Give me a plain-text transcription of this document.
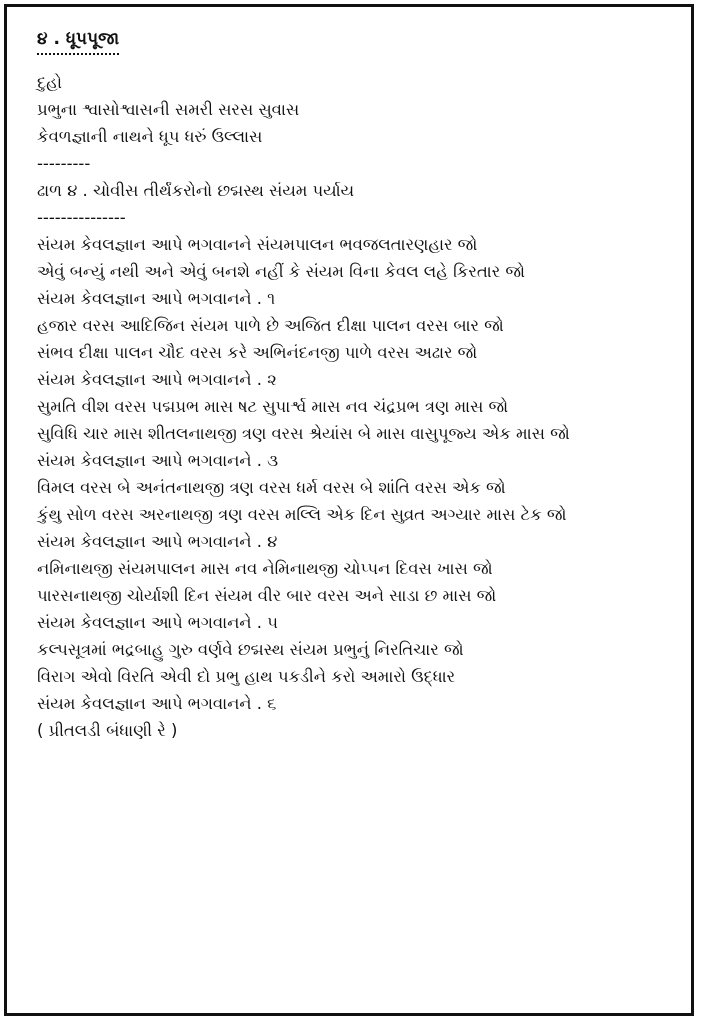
૪ . ધૂપપૂજા
દુહો
પ્રભુના શ્વાસોશ્વાસની સમરી સરસ સુવાસ
કેવળજ્ઞાની નાથને ધૂપ ધરું ઉલ્લાસ
---------
ઢાળ ૪ . ચોવીસ તીર્થંકરોનો છદ્મસ્થ સંયમ પર્યાય
---------------
સંયમ કેવલજ્ઞાન આપે ભગવાનને સંયમપાલન ભવજલતારણહાર જો
એવું બન્યું નથી અને એવું બનશે નહીં કે સંયમ વિના કેવલ લહે કિરતાર જો
સંયમ કેવલજ્ઞાન આપે ભગવાનને . ૧
હજાર વરસ આદિજિન સંયમ પાળે છે અજિત દીક્ષા પાલન વરસ બાર જો
સંભવ દીક્ષા પાલન ચૌદ વરસ કરે અભિનંદનજી પાળે વરસ અઢાર જો
સંયમ કેવલજ્ઞાન આપે ભગવાનને . ૨
સુમતિ વીશ વરસ પદ્મપ્રભ માસ ષટ સુપાર્શ્વ માસ નવ ચંદ્રપ્રભ ત્રણ માસ જો
સુવિધિ ચાર માસ શીતલનાથજી ત્રણ વરસ શ્રેયાંસ બે માસ વાસુપૂજ્ય એક માસ જો
સંયમ કેવલજ્ઞાન આપે ભગવાનને . ૩
વિમલ વરસ બે અનંતનાથજી ત્રણ વરસ ધર્મ વરસ બે શાંતિ વરસ એક જો
કુંથુ સોળ વરસ અરનાથજી ત્રણ વરસ મલ્લિ એક દિન સુવ્રત અગ્યાર માસ ટેક જો
સંયમ કેવલજ્ઞાન આપે ભગવાનને . ૪
નમિનાથજી સંયમપાલન માસ નવ નેમિનાથજી ચોપ્પન દિવસ ખાસ જો
પારસનાથજી ચોર્યાશી દિન સંયમ વીર બાર વરસ અને સાડા છ માસ જો
સંયમ કેવલજ્ઞાન આપે ભગવાનને . ૫
કલ્પસૂત્રમાં ભદ્રબાહુ ગુરુ વર્ણવે છદ્મસ્થ સંયમ પ્રભુનું નિરતિચાર જો
વિરાગ એવો વિરતિ એવી દો પ્રભુ હાથ પકડીને કરો અમારો ઉદ્ધાર
સંયમ કેવલજ્ઞાન આપે ભગવાનને . ૬
( પ્રીતલડી બંધાણી રે )
